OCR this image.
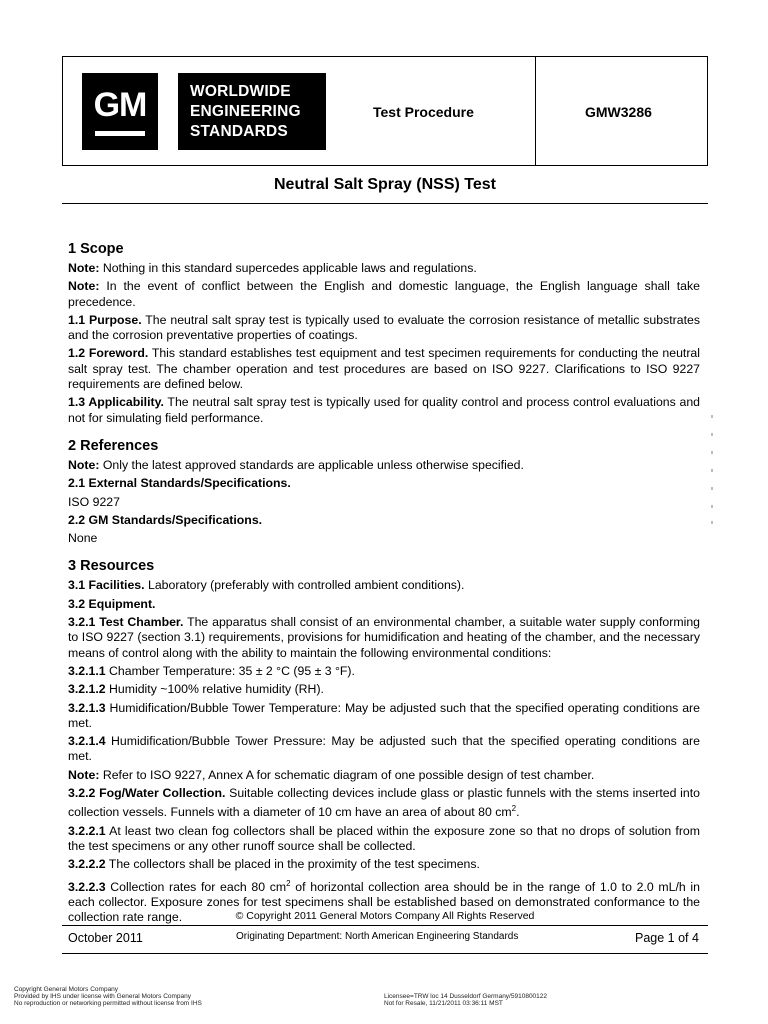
GM	WORLDWIDE
ENGINEERING
STANDARDS
Test Procedure	GMW3286
Neutral Salt Spray (NSS) Test
1 Scope

Note: Nothing in this standard supercedes applicable laws and regulations.

Note: In the event of conflict between the English and domestic language, the English language shall take precedence.

1.1 Purpose. The neutral salt spray test is typically used to evaluate the corrosion resistance of metallic substrates and the corrosion preventative properties of coatings.

1.2 Foreword. This standard establishes test equipment and test specimen requirements for conducting the neutral salt spray test. The chamber operation and test procedures are based on ISO 9227. Clarifications to ISO 9227 requirements are defined below.

1.3 Applicability. The neutral salt spray test is typically used for quality control and process control evaluations and not for simulating field performance.

2 References

Note: Only the latest approved standards are applicable unless otherwise specified.

2.1 External Standards/Specifications.

ISO 9227

2.2 GM Standards/Specifications.

None

3 Resources

3.1 Facilities. Laboratory (preferably with controlled ambient conditions).

3.2 Equipment.

3.2.1 Test Chamber. The apparatus shall consist of an environmental chamber, a suitable water supply conforming to ISO 9227 (section 3.1) requirements, provisions for humidification and heating of the chamber, and the necessary means of control along with the ability to maintain the following environmental conditions:

3.2.1.1 Chamber Temperature: 35 ± 2 °C (95 ± 3 °F).

3.2.1.2 Humidity ~100% relative humidity (RH).

3.2.1.3 Humidification/Bubble Tower Temperature: May be adjusted such that the specified operating conditions are met.

3.2.1.4 Humidification/Bubble Tower Pressure: May be adjusted such that the specified operating conditions are met.

Note: Refer to ISO 9227, Annex A for schematic diagram of one possible design of test chamber.

3.2.2 Fog/Water Collection. Suitable collecting devices include glass or plastic funnels with the stems inserted into collection vessels. Funnels with a diameter of 10 cm have an area of about 80 $cm^2$.

3.2.2.1 At least two clean fog collectors shall be placed within the exposure zone so that no drops of solution from the test specimens or any other runoff source shall be collected.

3.2.2.2 The collectors shall be placed in the proximity of the test specimens.

3.2.2.3 Collection rates for each 80 $cm^2$ of horizontal collection area should be in the range of 1.0 to 2.0 mL/h in each collector. Exposure zones for test specimens shall be established based on demonstrated conformance to the collection rate range.	© Copyright 2011 General Motors Company All Rights Reserved
October 2011	Originating Department: North American Engineering Standards	Page 1 of 4
Copyright General Motors Company
Provided by IHS under license with General Motors Company
No reproduction or networking permitted without license from IHS
Licensee=TRW loc 14 Dusseldorf Germany/5910800122
Not for Resale, 11/21/2011 03:36:11 MST
